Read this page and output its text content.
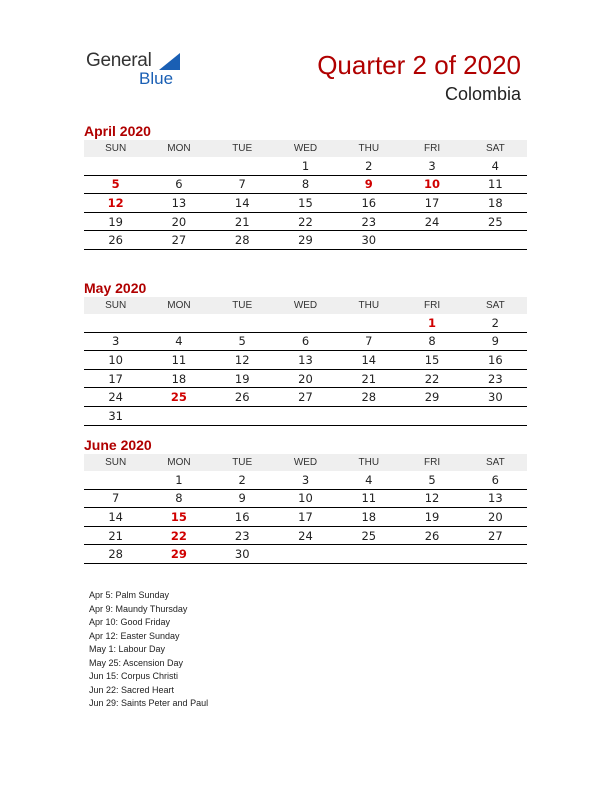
General
Blue	Quarter 2 of 2020
Colombia
April 2020
SUN	MON	TUE	WED	THU	FRI	SAT
			1	2	3	4
5	6	7	8	9	10	11
12	13	14	15	16	17	18
19	20	21	22	23	24	25
26	27	28	29	30		
May 2020
SUN	MON	TUE	WED	THU	FRI	SAT
					1	2
3	4	5	6	7	8	9
10	11	12	13	14	15	16
17	18	19	20	21	22	23
24	25	26	27	28	29	30
31						
June 2020
SUN	MON	TUE	WED	THU	FRI	SAT
	1	2	3	4	5	6
7	8	9	10	11	12	13
14	15	16	17	18	19	20
21	22	23	24	25	26	27
28	29	30				
Apr 5: Palm Sunday
Apr 9: Maundy Thursday
Apr 10: Good Friday
Apr 12: Easter Sunday
May 1: Labour Day
May 25: Ascension Day
Jun 15: Corpus Christi
Jun 22: Sacred Heart
Jun 29: Saints Peter and Paul
